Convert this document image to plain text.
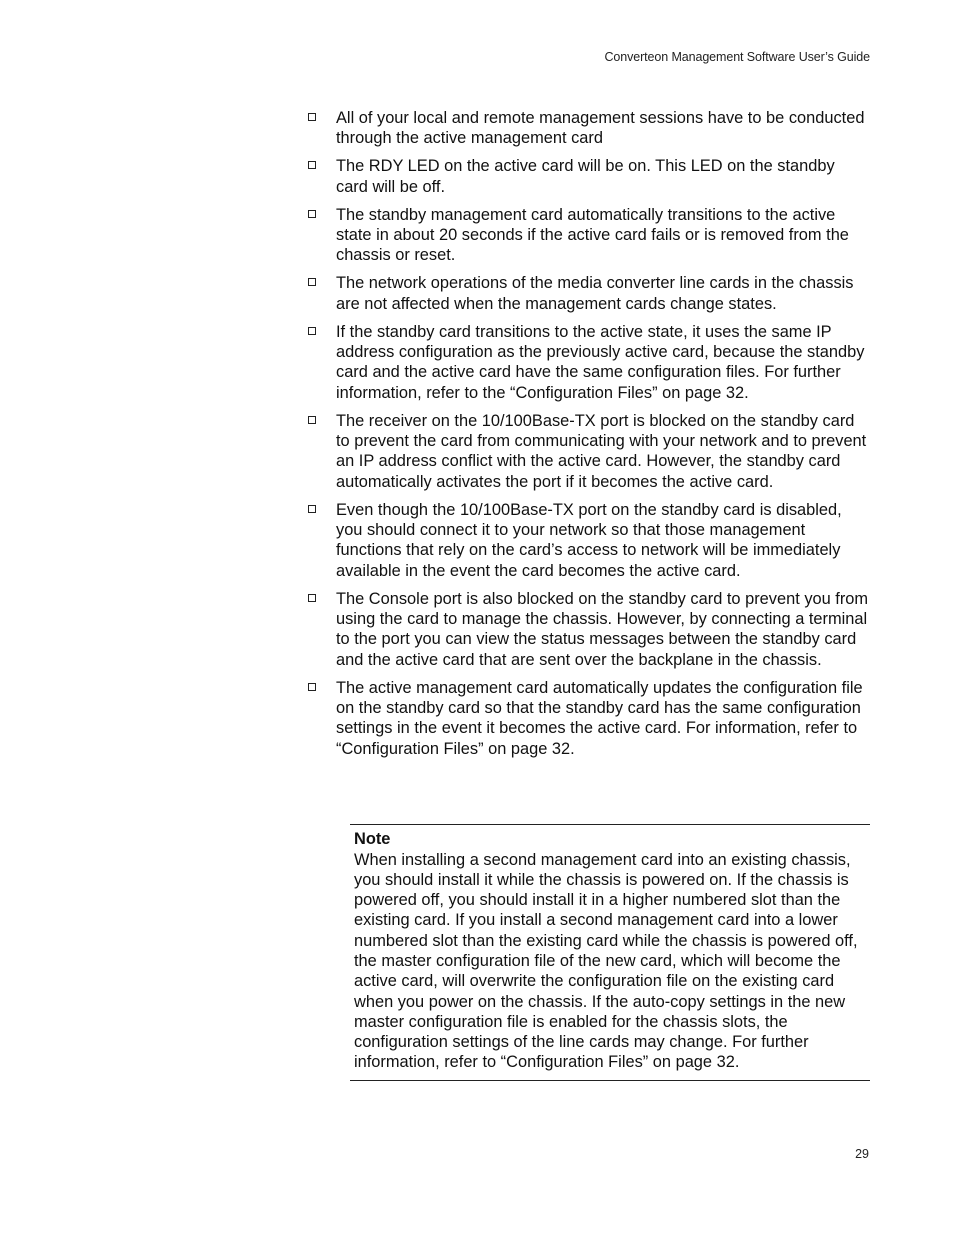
Converteon Management Software User’s Guide
All of your local and remote management sessions have to be conducted through the active management card
The RDY LED on the active card will be on. This LED on the standby card will be off.
The standby management card automatically transitions to the active state in about 20 seconds if the active card fails or is removed from the chassis or reset.
The network operations of the media converter line cards in the chassis are not affected when the management cards change states.
If the standby card transitions to the active state, it uses the same IP address configuration as the previously active card, because the standby card and the active card have the same configuration files. For further information, refer to the “Configuration Files” on page 32.
The receiver on the 10/100Base-TX port is blocked on the standby card to prevent the card from communicating with your network and to prevent an IP address conflict with the active card. However, the standby card automatically activates the port if it becomes the active card.
Even though the 10/100Base-TX port on the standby card is disabled, you should connect it to your network so that those management functions that rely on the card’s access to network will be immediately available in the event the card becomes the active card.
The Console port is also blocked on the standby card to prevent you from using the card to manage the chassis. However, by connecting a terminal to the port you can view the status messages between the standby card and the active card that are sent over the backplane in the chassis.
The active management card automatically updates the configuration file on the standby card so that the standby card has the same configuration settings in the event it becomes the active card. For information, refer to “Configuration Files” on page 32.
Note
When installing a second management card into an existing chassis, you should install it while the chassis is powered on. If the chassis is powered off, you should install it in a higher numbered slot than the existing card. If you install a second management card into a lower numbered slot than the existing card while the chassis is powered off, the master configuration file of the new card, which will become the active card, will overwrite the configuration file on the existing card when you power on the chassis. If the auto-copy settings in the new master configuration file is enabled for the chassis slots, the configuration settings of the line cards may change. For further information, refer to “Configuration Files” on page 32.
29
